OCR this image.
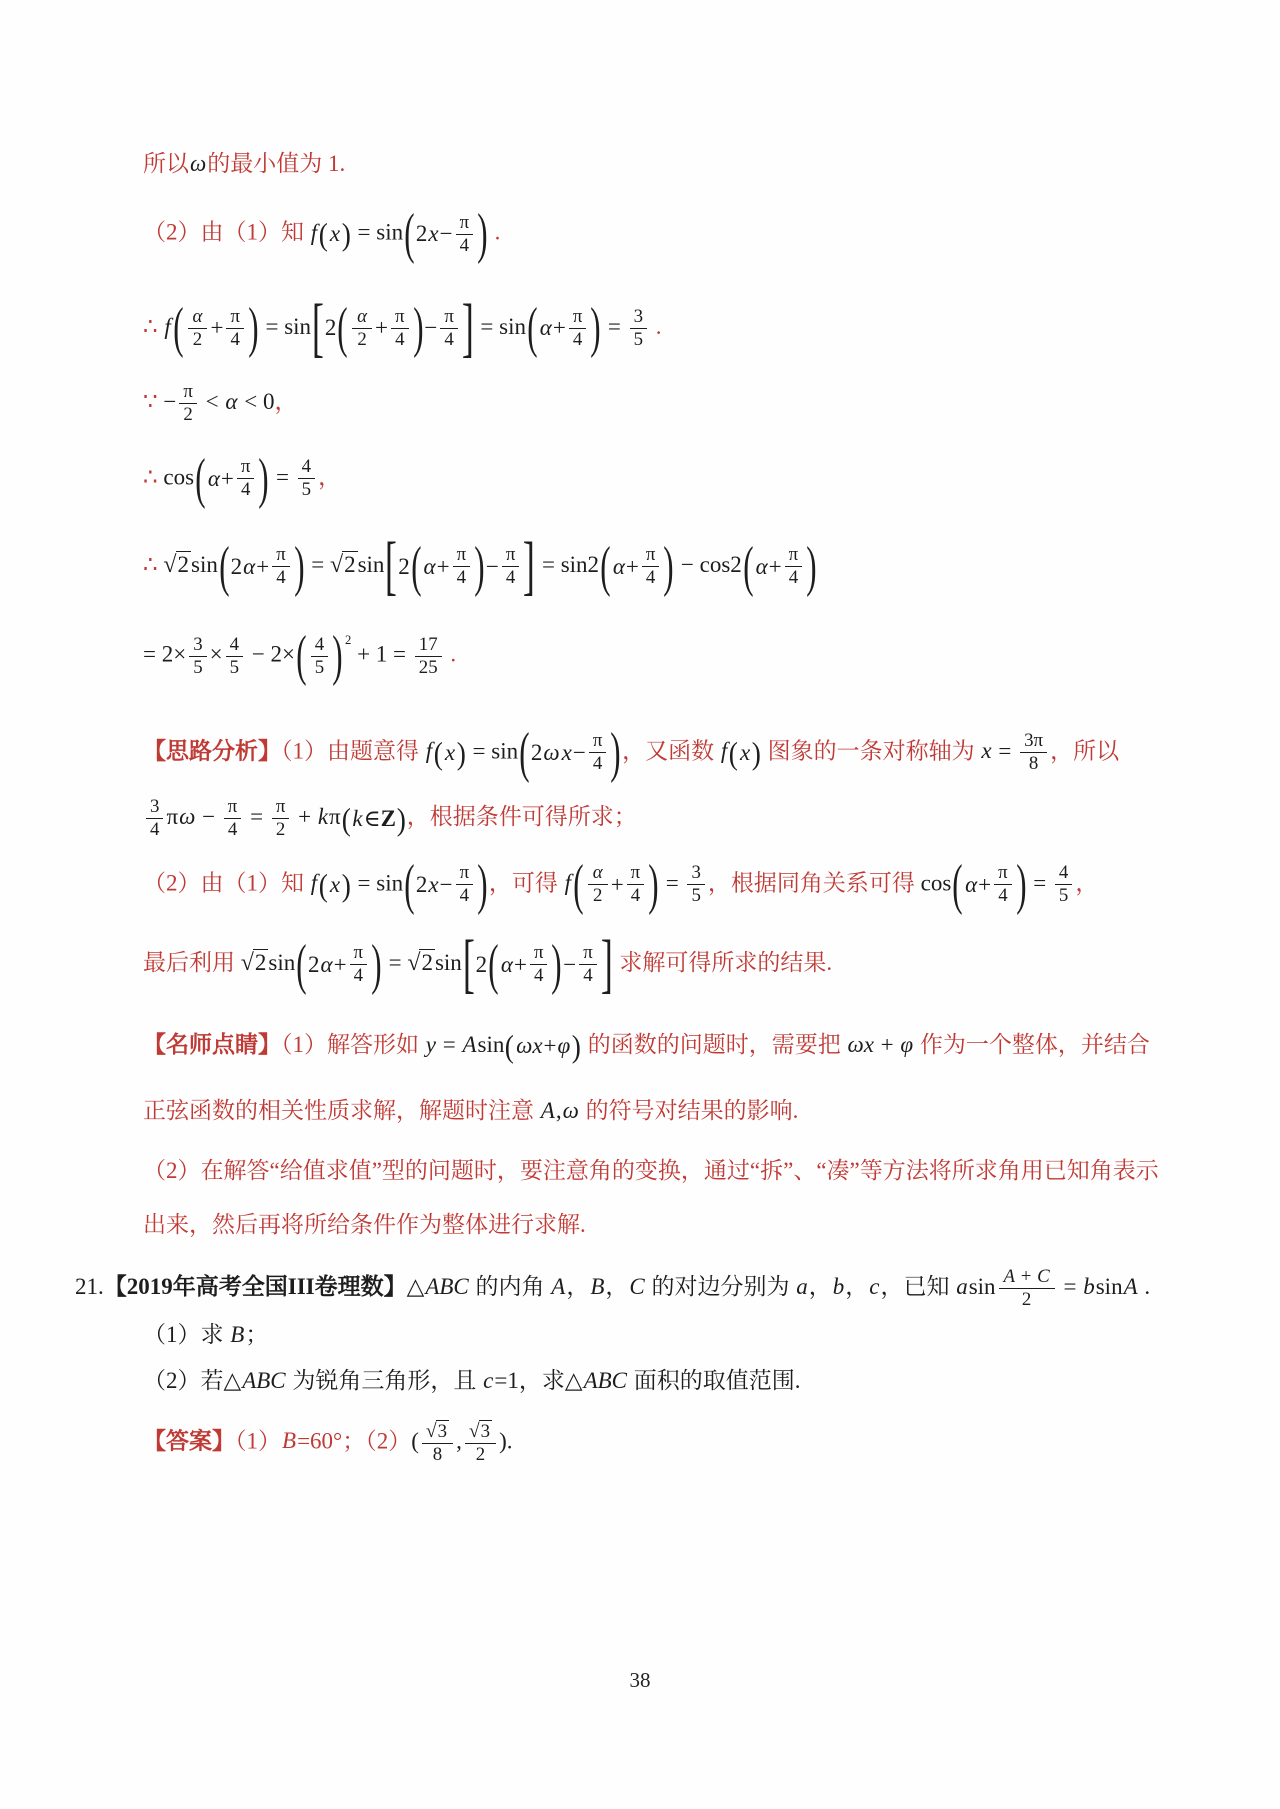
所以ω的最小值为 1.
（2）由（1）知 f ( x ) = sin ( 2 $x - \frac{\pi}{4}$ ) .
∴ f ( $\frac{\alpha}{2} + \frac{\pi}{4}$ ) = sin [ 2 ( $\frac{\alpha}{2} + \frac{\pi}{4}$ ) − $\frac{\pi}{4}$ ] = sin ( $\alpha + \frac{\pi}{4}$ ) = $\frac{3}{5}$ .
∵ − $\frac{\pi}{2} < \alpha < 0$，
∴ cos ( $\alpha + \frac{\pi}{4}$ ) = $\frac{4}{5}$ ，
∴ √2sin ( 2 $\alpha + \frac{\pi}{4}$ ) = √2sin [ 2 ( $\alpha + \frac{\pi}{4}$ ) − $\frac{\pi}{4}$ ] = sin2 ( $\alpha + \frac{\pi}{4}$ ) − cos2 ( $\alpha + \frac{\pi}{4}$ )
= $2\times \frac{3}{5} \times \frac{4}{5} - 2\times$ ( $\frac{4}{5}$ ) $2 + 1 = \frac{17}{25}$ .
【思路分析】（1）由题意得 f ( x ) = sin ( 2 ω $x - \frac{\pi}{4}$ ) ，又函数 f ( x ) 图象的一条对称轴为 $x = \frac{3\pi}{8}$ ，所以
$\frac{3}{4}$ $\pi\omega - \frac{\pi}{4} = \frac{\pi}{2} + k\pi$ ( k ∈ Z ) ，根据条件可得所求；
（2）由（1）知 f ( x ) = sin ( 2 $x - \frac{\pi}{4}$ ) ，可得 f ( $\frac{\alpha}{2} + \frac{\pi}{4}$ ) = $\frac{3}{5}$ ，根据同角关系可得 cos ( $\alpha + \frac{\pi}{4}$ ) = $\frac{4}{5}$ ，
最后利用 √2sin ( 2 $\alpha + \frac{\pi}{4}$ ) = √2sin [ 2 ( $\alpha + \frac{\pi}{4}$ ) − $\frac{\pi}{4}$ ] 求解可得所求的结果.
【名师点睛】（1）解答形如 y = Asin ( ωx + φ ) 的函数的问题时，需要把 ωx + φ 作为一个整体，并结合
正弦函数的相关性质求解，解题时注意 A,ω 的符号对结果的影响.
（2）在解答“给值求值”型的问题时，要注意角的变换，通过“拆”、“凑”等方法将所求角用已知角表示
出来，然后再将所给条件作为整体进行求解.
21.【2019年高考全国III卷理数】△ABC 的内角 A，B，C 的对边分别为 a，b，c，已知 asin $\frac{A + C}{2} = bsinA$ .
（1）求 B；
（2）若△ABC 为锐角三角形，且 c=1，求△ABC 面积的取值范围.
【答案】（1）B=60°；$(2)( \frac{√3}{8}$ , $\frac{√3}{2}$ ).
38
